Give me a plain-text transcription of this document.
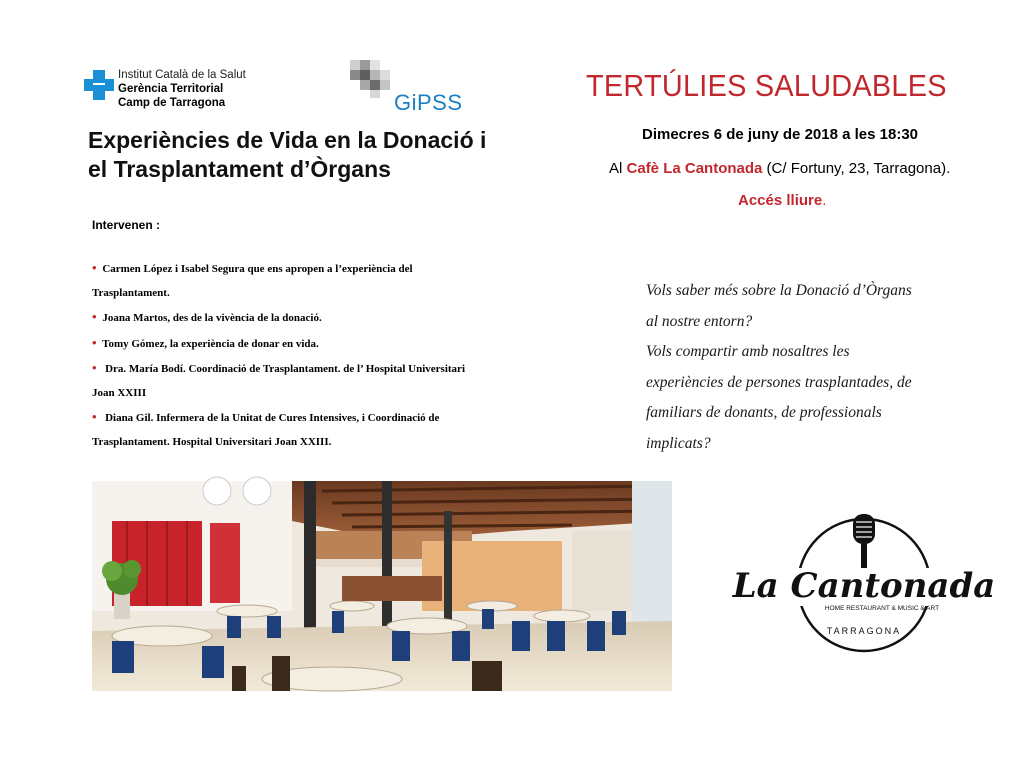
Institut Català de la Salut
Gerència Territorial
Camp de Tarragona	GiPSS
Experiències de Vida en la Donació i
el Trasplantament d’Òrgans
Intervenen :

• Carmen López i Isabel Segura que ens apropen a l’experiència del

Trasplantament.

• Joana Martos, des de la vivència de la donació.

• Tomy Gómez, la experiència de donar en vida.

• Dra. María Bodí. Coordinació de Trasplantament. de l’ Hospital Universitari

Joan XXIII

• Diana Gil. Infermera de la Unitat de Cures Intensives, i Coordinació de

Trasplantament. Hospital Universitari Joan XXIII.

TERTÚLIES SALUDABLES
Dimecres 6 de juny de 2018 a les 18:30
Al Cafè La Cantonada (C/ Fortuny, 23, Tarragona).
Accés lliure.

Vols saber més sobre la Donació d’Òrgans

al nostre entorn?

Vols compartir amb nosaltres les

experiències de persones trasplantades, de

familiars de donants, de professionals

implicats?

La Cantonada
HOME RESTAURANT & MUSIC & ART
TARRAGONA
